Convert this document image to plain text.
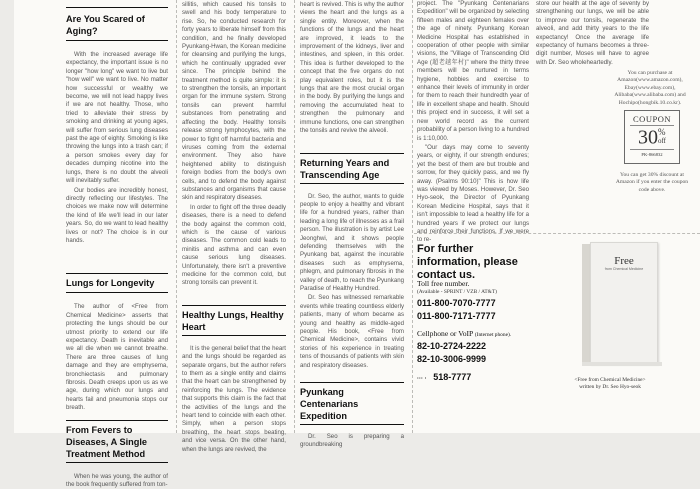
Are You Scared of Aging?

With the increased average life expectancy, the important issue is no longer "how long" we want to live but "how well" we want to live. No matter how successful or wealthy we become, we will not lead happy lives if we are not healthy. Those, who tried to alleviate their stress by smoking and drinking at young ages, will suffer from serious lung diseases past the age of eighty. Smoking is like throwing the lungs into a trash can; if a person smokes every day for decades dumping nicotine into the lungs, there is no doubt the alveoli will inevitably suffer.

Our bodies are incredibly honest, directly reflecting our lifestyles. The choices we make now will determine the kind of life we'll lead in our later years. So, do we want to lead healthy lives or not? The choice is in our hands.

Lungs for Longevity

The author of <Free from Chemical Medicine> asserts that protecting the lungs should be our utmost priority to extend our life expectancy. Death is inevitable and we all die when we cannot breathe. There are three causes of lung damage and they are emphysema, bronchiectasis and pulmonary fibrosis. Death creeps upon us as we age, during which our lungs and hearts fail and pneumonia stops our breath.

From Fevers to Diseases, A Single Treatment Method

When he was young, the author of the book frequently suffered from ton-

sillitis, which caused his tonsils to swell and his body temperature to rise. So, he conducted research for forty years to liberate himself from this condition, and he finally developed Pyunkang-Hwan, the Korean medicine for cleansing and purifying the lungs, which he continually upgraded ever since. The principle behind the treatment method is quite simple: it is to strengthen the tonsils, an important organ for the immune system. Strong tonsils can prevent harmful substances from penetrating and affecting the body. Healthy tonsils release strong lymphocytes, with the power to fight off harmful bacteria and viruses coming from the external environment. They also have heightened ability to distinguish foreign bodies from the body's own cells, and to defend the body against substances and organisms that cause skin and respiratory diseases.

In order to fight off the three deadly diseases, there is a need to defend the body against the common cold, which is the cause of various diseases. The common cold leads to minitis and asthma and can even cause serious lung diseases. Unfortunately, there isn't a preventive medicine for the common cold, but strong tonsils can prevent it.

Healthy Lungs, Healthy Heart

It is the general belief that the heart and the lungs should be regarded as separate organs, but the author refers to them as a single entity and claims that the heart can be strengthened by reinforcing the lungs. The evidence that supports this claim is the fact that the activities of the lungs and the heart tend to coincide with each other. Simply, when a person stops breathing, the heart stops beating, and vice versa. On the other hand, when the lungs are revived, the

heart is revived. This is why the author views the heart and the lungs as a single entity. Moreover, when the functions of the lungs and the heart are improved, it leads to the improvement of the kidneys, liver and intestines, and spleen, in this order. This idea is further developed to the concept that the five organs do not play equivalent roles, but it is the lungs that are the most crucial organ in the body. By purifying the lungs and removing the accumulated heat to strengthen the pulmonary and immune functions, one can strengthen the tonsils and revive the alveoli.

Returning Years and Transcending Age

Dr. Seo, the author, wants to guide people to enjoy a healthy and vibrant life for a hundred years, rather than leading a long life of illnesses as a frail person. The illustration is by artist Lee Jeonghwi, and it shows people defending themselves with the Pyunkang bat, against the incurable diseases such as emphysema, phlegm, and pulmonary fibrosis in the valley of death, to reach the Pyunkang Paradise of Healthy Hundred.

Dr. Seo has witnessed remarkable events while treating countless elderly patients, many of whom became as young and healthy as middle-aged people. His book, <Free from Chemical Medicine>, contains vivid stories of his experience in treating tens of thousands of patients with skin and respiratory diseases.

Pyunkang Centenarians Expedition

Dr. Seo is preparing a groundbreaking

project. The "Pyunkang Centenarians Expedition" will be organized by selecting fifteen males and eighteen females over the age of ninety. Pyunkang Korean Medicine Hospital has established in cooperation of other people with similar visions, the "Village of Transcending Old Age (超老越年村)" where the thirty three members will be nurtured in terms hygiene, hobbies and exercise to enhance their levels of immunity in order for them to reach their hundredth year of life in excellent shape and health. Should this project end in success, it will set a new world record as the current probability of a person living to a hundred is 1:10,000.

"Our days may come to seventy years, or eighty, if our strength endures; yet the best of them are but trouble and sorrow, for they quickly pass, and we fly away. (Psalms 90:10)" This is how life was viewed by Moses. However, Dr. Seo Hyo-seok, the Director of Pyunkang Korean Medicine Hospital, says that it isn't impossible to lead a healthy life for a hundred years if we protect our lungs and reinforce their functions. If we were to re-

store our health at the age of seventy by strengthening our lungs, we will be able to improve our tonsils, regenerate the alveoli, and add thirty years to the life expectancy! Once the average life expectancy of humans becomes a three-digit number, Moses will have to agree with Dr. Seo wholeheartedly.

You can purchase at
Amazon(www.amazon.com),
Ebay(www.ebay.com),
Alibaba(www.alibaba.com) and
Hochipo(hongbik.10.co.kr).
COUPON
30 %
off
PK-866832
You can get 30% discount at Amazon if you enter the coupon code above.
For further information, please contact us.
Toll free number.
(Available - SPRINT / VZB / AT&T)
011-800-7070-7777
011-800-7171-7777
Cellphone or VoIP (Internet phone).
82-10-2724-2222
82-10-3006-9999
··· · 518-7777
Free
from Chemical Medicine
<Free from Chemical Medicine>
written by Dr. Seo Hyo-seok
